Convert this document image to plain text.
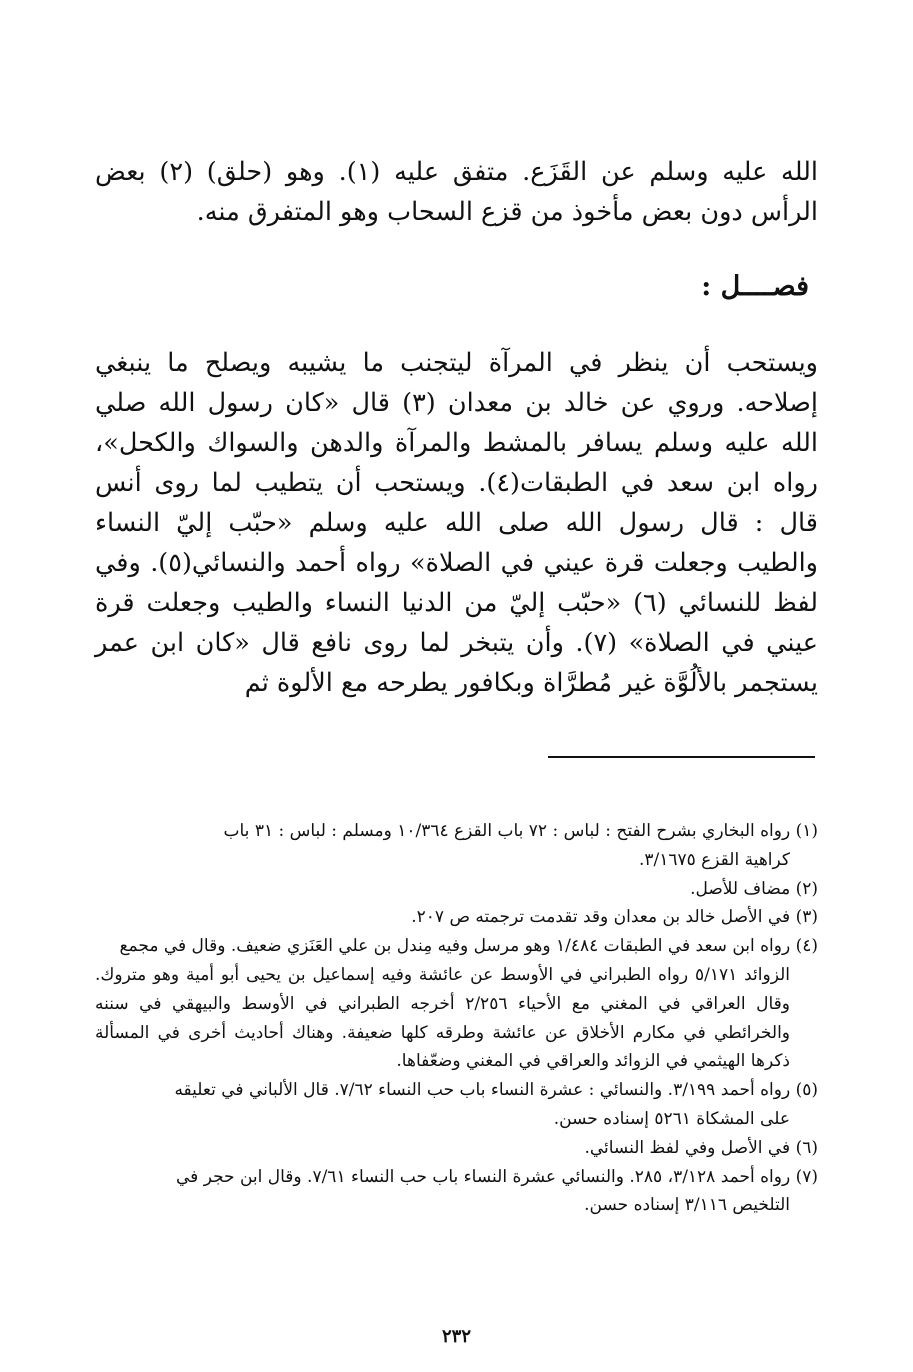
الله عليه وسلم عن القَزَع. متفق عليه (١). وهو (حلق) (٢) بعض الرأس دون بعض مأخوذ من قزع السحاب وهو المتفرق منه.

فصــــل :

ويستحب أن ينظر في المرآة ليتجنب ما يشيبه ويصلح ما ينبغي إصلاحه. وروي عن خالد بن معدان (٣) قال «كان رسول الله صلي الله عليه وسلم يسافر بالمشط والمرآة والدهن والسواك والكحل»، رواه ابن سعد في الطبقات(٤). ويستحب أن يتطيب لما روى أنس قال : قال رسول الله صلى الله عليه وسلم «حبّب إليّ النساء والطيب وجعلت قرة عيني في الصلاة» رواه أحمد والنسائي(٥). وفي لفظ للنسائي (٦) «حبّب إليّ من الدنيا النساء والطيب وجعلت قرة عيني في الصلاة» (٧). وأن يتبخر لما روى نافع قال «كان ابن عمر يستجمر بالألُوَّة غير مُطرَّاة وبكافور يطرحه مع الألوة ثم

(١) رواه البخاري بشرح الفتح : لباس : ٧٢ باب القزع ١٠/٣٦٤ ومسلم : لباس : ٣١ باب
كراهية القزع ٣/١٦٧٥.
(٢) مضاف للأصل.
(٣) في الأصل خالد بن معدان وقد تقدمت ترجمته ص ٢٠٧.
(٤) رواه ابن سعد في الطبقات ١/٤٨٤ وهو مرسل وفيه مِندل بن علي العَنَزي ضعيف. وقال في مجمع
الزوائد ٥/١٧١ رواه الطبراني في الأوسط عن عائشة وفيه إسماعيل بن يحيى أبو أمية وهو متروك. وقال العراقي في المغني مع الأحياء ٢/٢٥٦ أخرجه الطبراني في الأوسط والبيهقي في سننه والخرائطي في مكارم الأخلاق عن عائشة وطرقه كلها ضعيفة. وهناك أحاديث أخرى في المسألة ذكرها الهيثمي في الزوائد والعراقي في المغني وضعّفاها.
(٥) رواه أحمد ٣/١٩٩. والنسائي : عشرة النساء باب حب النساء ٧/٦٢. قال الألباني في تعليقه
على المشكاة ٥٢٦١ إسناده حسن.
(٦) في الأصل وفي لفظ النسائي.
(٧) رواه أحمد ٣/١٢٨، ٢٨٥. والنسائي عشرة النساء باب حب النساء ٧/٦١. وقال ابن حجر في
التلخيص ٣/١١٦ إسناده حسن.

٢٣٢
